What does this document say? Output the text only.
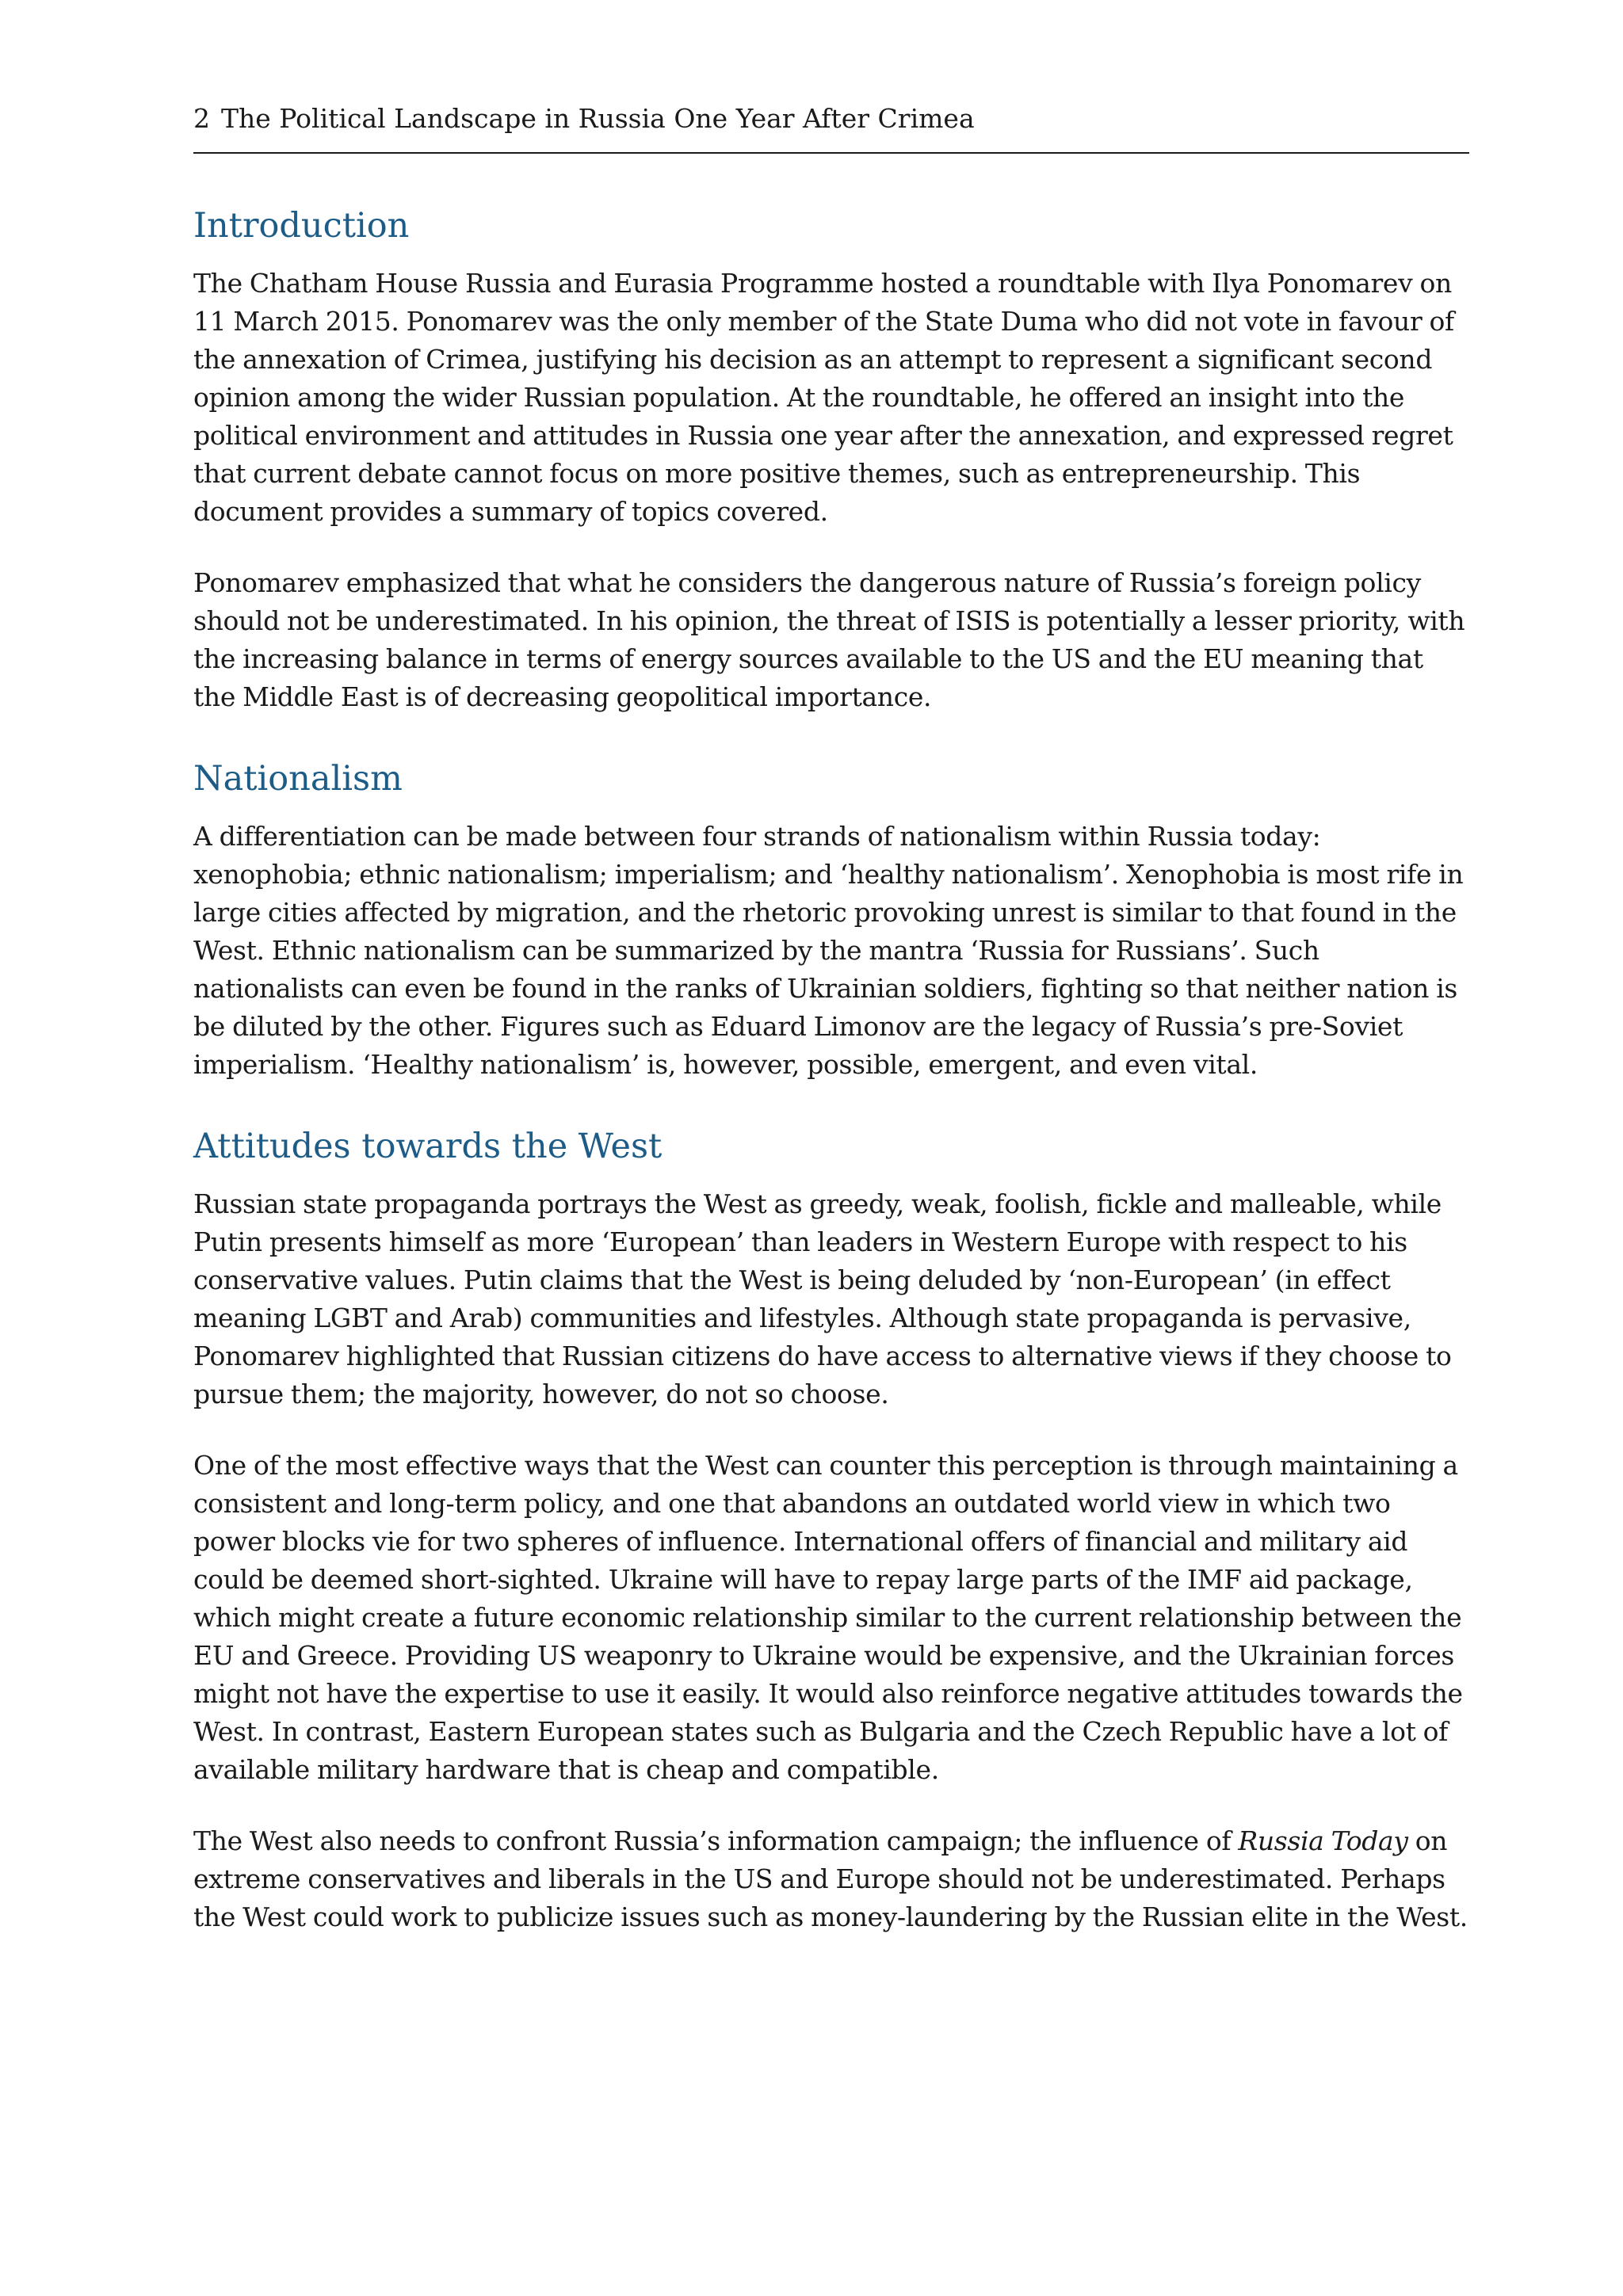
2 The Political Landscape in Russia One Year After Crimea
Introduction

The Chatham House Russia and Eurasia Programme hosted a roundtable with Ilya Ponomarev on 11 March 2015. Ponomarev was the only member of the State Duma who did not vote in favour of the annexation of Crimea, justifying his decision as an attempt to represent a significant second opinion among the wider Russian population. At the roundtable, he offered an insight into the political environment and attitudes in Russia one year after the annexation, and expressed regret that current debate cannot focus on more positive themes, such as entrepreneurship. This document provides a summary of topics covered.

Ponomarev emphasized that what he considers the dangerous nature of Russia’s foreign policy should not be underestimated. In his opinion, the threat of ISIS is potentially a lesser priority, with the increasing balance in terms of energy sources available to the US and the EU meaning that the Middle East is of decreasing geopolitical importance.

Nationalism

A differentiation can be made between four strands of nationalism within Russia today: xenophobia; ethnic nationalism; imperialism; and ‘healthy nationalism’. Xenophobia is most rife in large cities affected by migration, and the rhetoric provoking unrest is similar to that found in the West. Ethnic nationalism can be summarized by the mantra ‘Russia for Russians’. Such nationalists can even be found in the ranks of Ukrainian soldiers, fighting so that neither nation is be diluted by the other. Figures such as Eduard Limonov are the legacy of Russia’s pre-Soviet imperialism. ‘Healthy nationalism’ is, however, possible, emergent, and even vital.

Attitudes towards the West

Russian state propaganda portrays the West as greedy, weak, foolish, fickle and malleable, while Putin presents himself as more ‘European’ than leaders in Western Europe with respect to his conservative values. Putin claims that the West is being deluded by ‘non-European’ (in effect meaning LGBT and Arab) communities and lifestyles. Although state propaganda is pervasive, Ponomarev highlighted that Russian citizens do have access to alternative views if they choose to pursue them; the majority, however, do not so choose.

One of the most effective ways that the West can counter this perception is through maintaining a consistent and long-term policy, and one that abandons an outdated world view in which two power blocks vie for two spheres of influence. International offers of financial and military aid could be deemed short-sighted. Ukraine will have to repay large parts of the IMF aid package, which might create a future economic relationship similar to the current relationship between the EU and Greece. Providing US weaponry to Ukraine would be expensive, and the Ukrainian forces might not have the expertise to use it easily. It would also reinforce negative attitudes towards the West. In contrast, Eastern European states such as Bulgaria and the Czech Republic have a lot of available military hardware that is cheap and compatible.

The West also needs to confront Russia’s information campaign; the influence of Russia Today on extreme conservatives and liberals in the US and Europe should not be underestimated. Perhaps the West could work to publicize issues such as money-laundering by the Russian elite in the West.
